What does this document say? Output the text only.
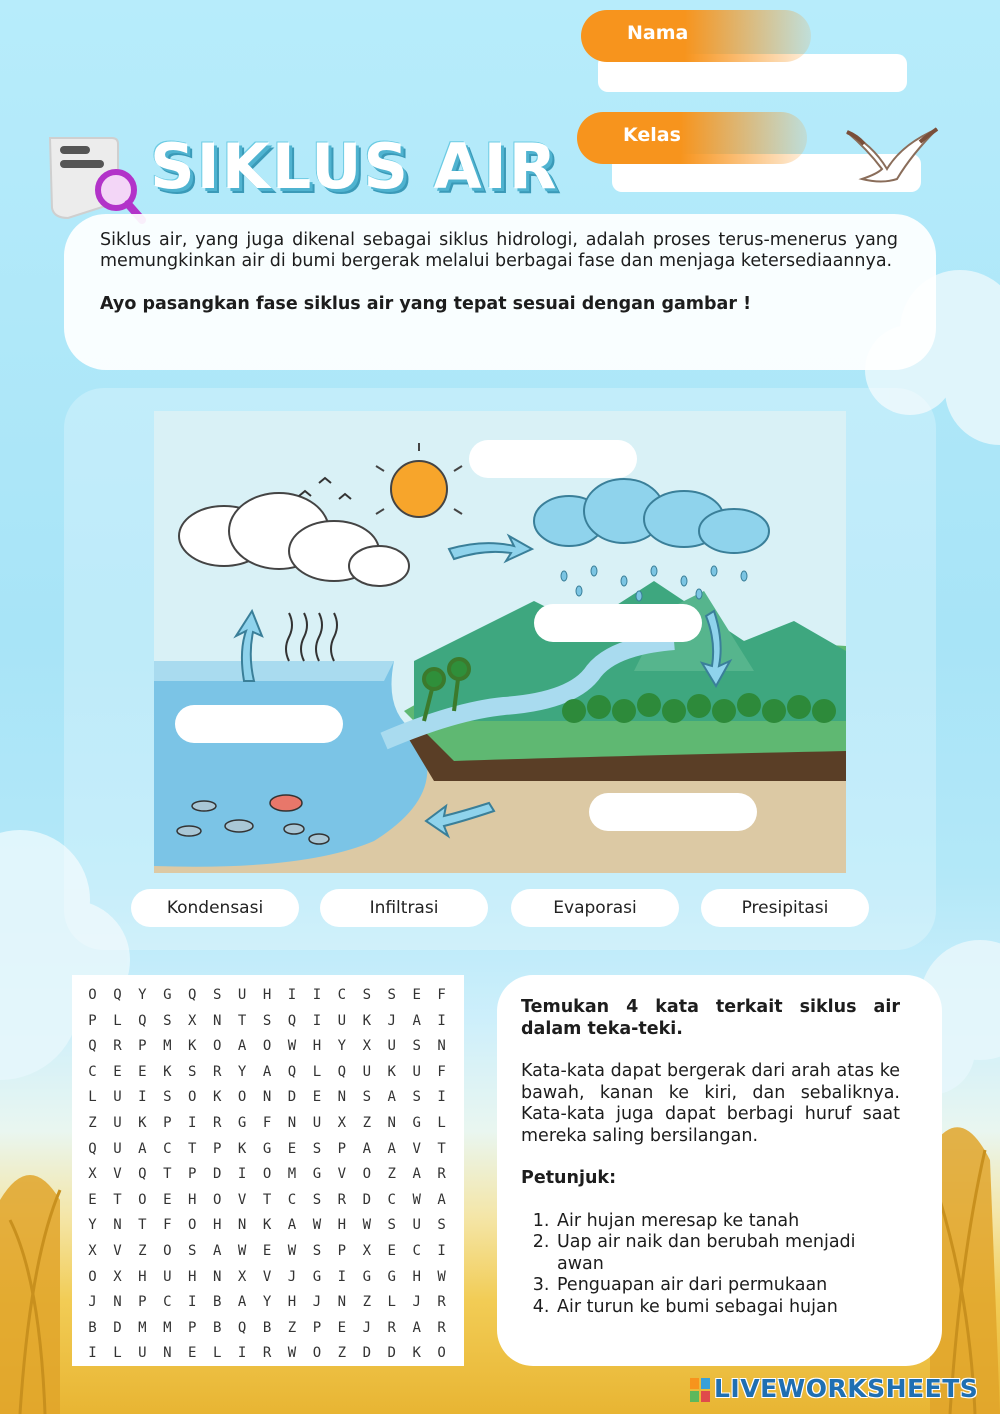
Nama
Kelas
SIKLUS AIR

Siklus air, yang juga dikenal sebagai siklus hidrologi, adalah proses terus-menerus yang memungkinkan air di bumi bergerak melalui berbagai fase dan menjaga ketersediaannya.

Ayo pasangkan fase siklus air yang tepat sesuai dengan gambar !

Kondensasi	Infiltrasi	Evaporasi	Presipitasi
O	Q	Y	G	Q	S	U	H	I	I	C	S	S	E	F
P	L	Q	S	X	N	T	S	Q	I	U	K	J	A	I
Q	R	P	M	K	O	A	O	W	H	Y	X	U	S	N
C	E	E	K	S	R	Y	A	Q	L	Q	U	K	U	F
L	U	I	S	O	K	O	N	D	E	N	S	A	S	I
Z	U	K	P	I	R	G	F	N	U	X	Z	N	G	L
Q	U	A	C	T	P	K	G	E	S	P	A	A	V	T
X	V	Q	T	P	D	I	O	M	G	V	O	Z	A	R
E	T	O	E	H	O	V	T	C	S	R	D	C	W	A
Y	N	T	F	O	H	N	K	A	W	H	W	S	U	S
X	V	Z	O	S	A	W	E	W	S	P	X	E	C	I
O	X	H	U	H	N	X	V	J	G	I	G	G	H	W
J	N	P	C	I	B	A	Y	H	J	N	Z	L	J	R
B	D	M	M	P	B	Q	B	Z	P	E	J	R	A	R
I	L	U	N	E	L	I	R	W	O	Z	D	D	K	O

Temukan 4 kata terkait siklus air dalam teka-teki.

Kata-kata dapat bergerak dari arah atas ke bawah, kanan ke kiri, dan sebaliknya. Kata-kata juga dapat berbagi huruf saat mereka saling bersilangan.

Petunjuk:

1. Air hujan meresap ke tanah
2. Uap air naik dan berubah menjadi awan
3. Penguapan air dari permukaan
4. Air turun ke bumi sebagai hujan
LIVEWORKSHEETS
